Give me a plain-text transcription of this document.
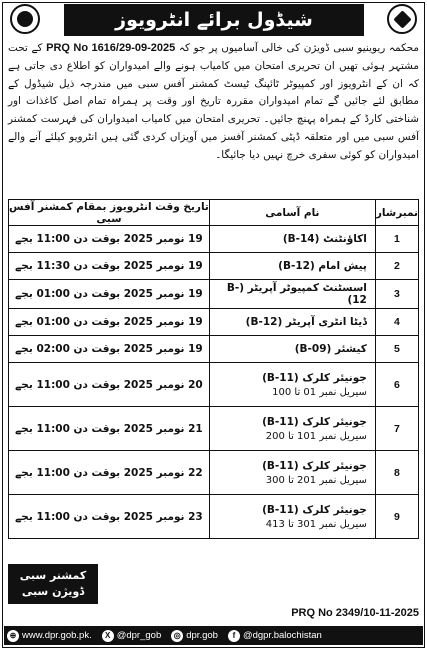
شیڈول برائے انٹرویوز

محکمہ ریوینیو سبی ڈویژن کی خالی آسامیوں پر جو کہ PRQ No 1616/29-09-2025 کے تحت مشتہر ہوئی تھیں ان تحریری امتحان میں کامیاب ہونے والے امیدواران کو اطلاع دی جاتی ہے کہ ان کے انٹرویوز اور کمپیوٹر ٹائپنگ ٹیسٹ کمشنر آفس سبی میں مندرجہ ذیل شیڈول کے مطابق لئے جائیں گے تمام امیدواران مقررہ تاریخ اور وقت پر ہمراہ تمام اصل کاغذات اور شناختی کارڈ کے ہمراہ پہنچ جائیں۔ تحریری امتحان میں کامیاب امیدواران کی فہرست کمشنر آفس سبی میں اور متعلقہ ڈپٹی کمشنر آفسز میں آویزاں کردی گئی ہیں انٹرویو کیلئے آنے والے امیدواران کو کوئی سفری خرچ نہیں دیا جائیگا۔

نمبرشار	نام آسامی	تاریخ وقت انٹرویوز بمقام کمشنر آفس سبی
1	اکاؤنٹنٹ (B-14)	19 نومبر 2025 بوقت دن 11:00 بجے
2	پیش امام (B-12)	19 نومبر 2025 بوقت دن 11:30 بجے
3	اسسٹنٹ کمپیوٹر آپریٹر (B-12)	19 نومبر 2025 بوقت دن 01:00 بجے
4	ڈیٹا انٹری آپریٹر (B-12)	19 نومبر 2025 بوقت دن 01:00 بجے
5	کیشئر (B-09)	19 نومبر 2025 بوقت دن 02:00 بجے
6	جونیئر کلرک (B-11)
سیریل نمبر 01 تا 100	20 نومبر 2025 بوقت دن 11:00 بجے
7	جونیئر کلرک (B-11)
سیریل نمبر 101 تا 200	21 نومبر 2025 بوقت دن 11:00 بجے
8	جونیئر کلرک (B-11)
سیریل نمبر 201 تا 300	22 نومبر 2025 بوقت دن 11:00 بجے
9	جونیئر کلرک (B-11)
سیریل نمبر 301 تا 413	23 نومبر 2025 بوقت دن 11:00 بجے
کمشنر سبی
ڈویژن سبی
PRQ No 2349/10-11-2025
⊕ www.dpr.gob.pk.	X @dpr_gob	◎ dpr.gob	f @dgpr.balochistan
